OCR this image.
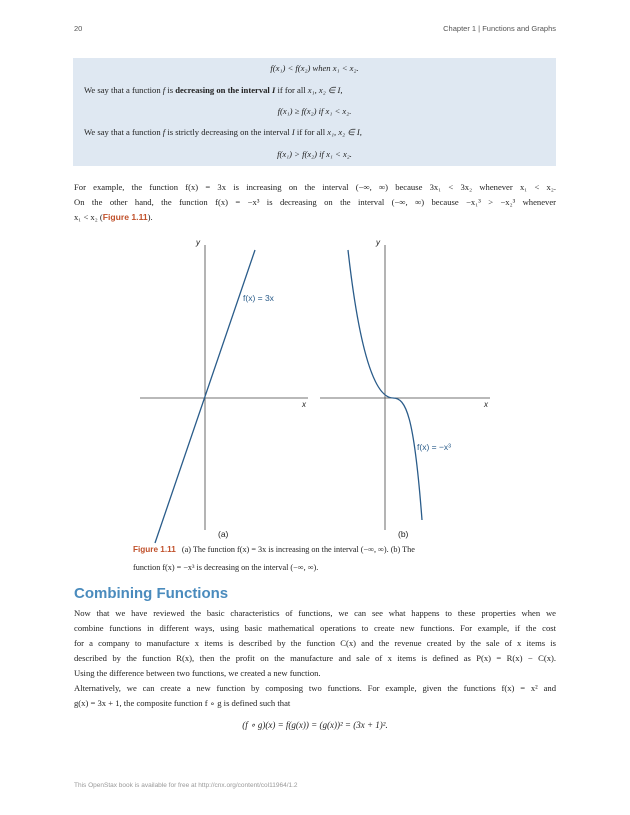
20	Chapter 1 | Functions and Graphs
f(x₁) < f(x₂) when x₁ < x₂.
We say that a function f is decreasing on the interval I if for all x₁, x₂ ∈ I,
f(x₁) ≥ f(x₂) if x₁ < x₂.
We say that a function f is strictly decreasing on the interval I if for all x₁, x₂ ∈ I,
f(x₁) > f(x₂) if x₁ < x₂.
For example, the function f(x) = 3x is increasing on the interval (−∞, ∞) because 3x₁ < 3x₂ whenever x₁ < x₂.
On the other hand, the function f(x) = −x³ is decreasing on the interval (−∞, ∞) because −x₁³ > −x₂³ whenever
x₁ < x₂ (Figure 1.11).
y
x
f(x) = 3x
(a)
y
x
f(x) = −x³
(b)
Figure 1.11 (a) The function f(x) = 3x is increasing on the interval (−∞, ∞). (b) The
function f(x) = −x³ is decreasing on the interval (−∞, ∞).
Combining Functions
Now that we have reviewed the basic characteristics of functions, we can see what happens to these properties when we
combine functions in different ways, using basic mathematical operations to create new functions. For example, if the cost
for a company to manufacture x items is described by the function C(x) and the revenue created by the sale of x items is
described by the function R(x), then the profit on the manufacture and sale of x items is defined as P(x) = R(x) − C(x).
Using the difference between two functions, we created a new function.
Alternatively, we can create a new function by composing two functions. For example, given the functions f(x) = x² and
g(x) = 3x + 1, the composite function f ∘ g is defined such that
(f ∘ g)(x) = f(g(x)) = (g(x))² = (3x + 1)².
This OpenStax book is available for free at http://cnx.org/content/col11964/1.2
